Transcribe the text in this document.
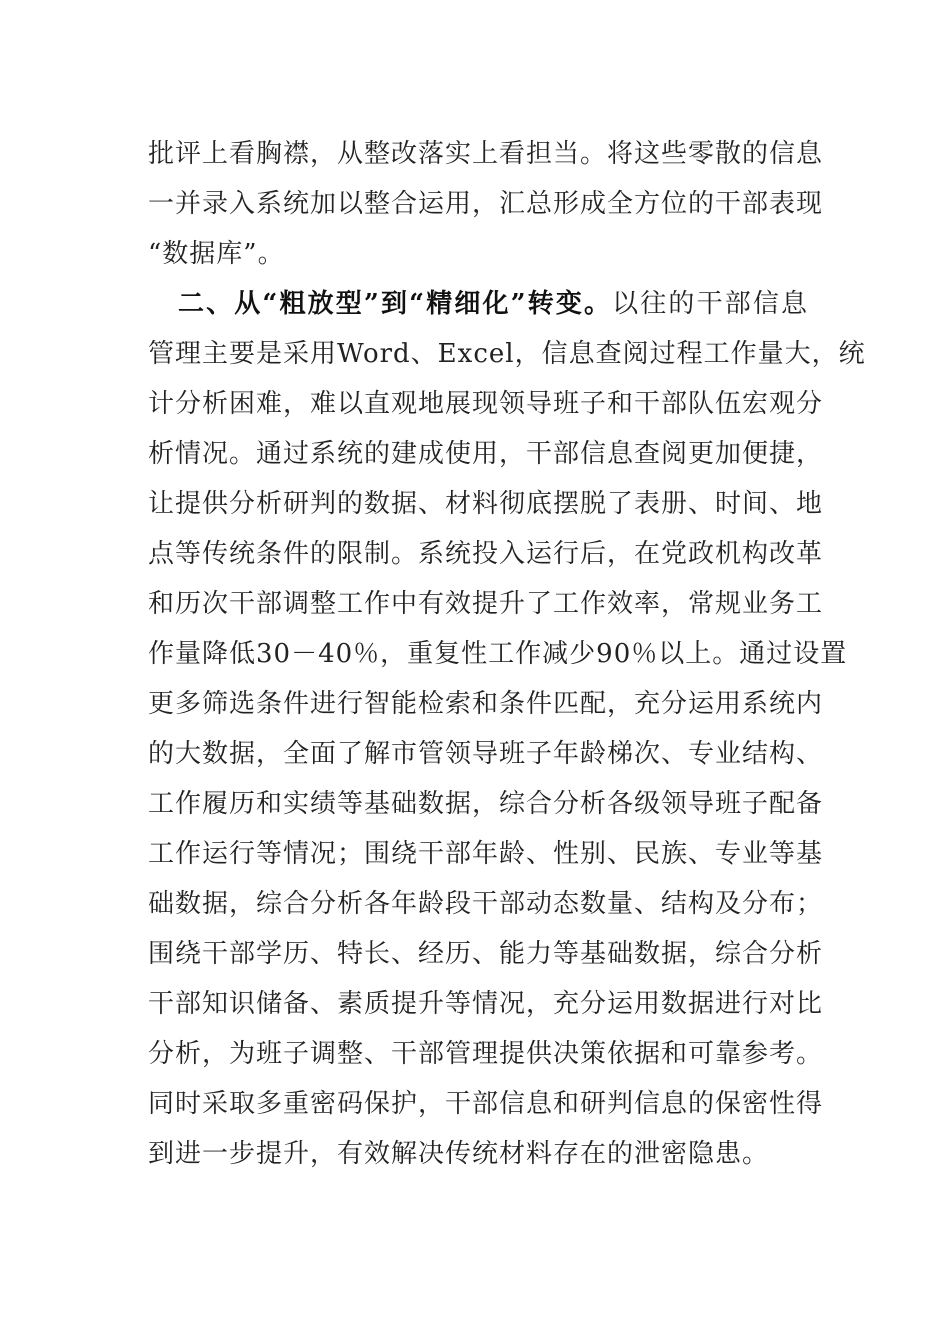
批评上看胸襟，从整改落实上看担当。将这些零散的信息
一并录入系统加以整合运用，汇总形成全方位的干部表现
“数据库”。
二、从“粗放型”到“精细化”转变。以往的干部信息
管理主要是采用Word、Excel，信息查阅过程工作量大，统
计分析困难，难以直观地展现领导班子和干部队伍宏观分
析情况。通过系统的建成使用，干部信息查阅更加便捷，
让提供分析研判的数据、材料彻底摆脱了表册、时间、地
点等传统条件的限制。系统投入运行后，在党政机构改革
和历次干部调整工作中有效提升了工作效率，常规业务工
作量降低30－40％，重复性工作减少90％以上。通过设置
更多筛选条件进行智能检索和条件匹配，充分运用系统内
的大数据，全面了解市管领导班子年龄梯次、专业结构、
工作履历和实绩等基础数据，综合分析各级领导班子配备
工作运行等情况；围绕干部年龄、性别、民族、专业等基
础数据，综合分析各年龄段干部动态数量、结构及分布；
围绕干部学历、特长、经历、能力等基础数据，综合分析
干部知识储备、素质提升等情况，充分运用数据进行对比
分析，为班子调整、干部管理提供决策依据和可靠参考。
同时采取多重密码保护，干部信息和研判信息的保密性得
到进一步提升，有效解决传统材料存在的泄密隐患。
